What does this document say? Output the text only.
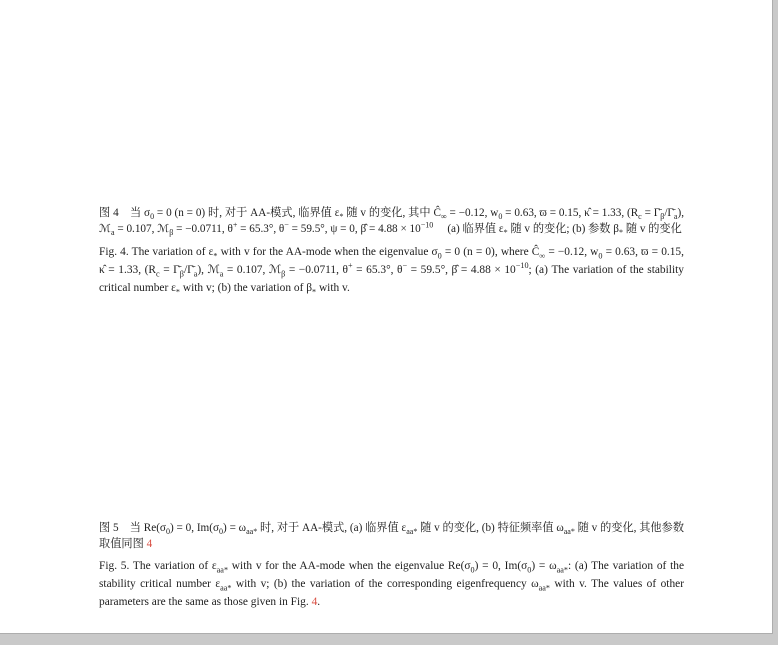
图 4　当 $\sigma_0 = 0$ (n = 0) 时, 对于 AA-模式, 临界值 $\varepsilon_*$ 随 v 的变化, 其中 $Ĉ_\infty = -0.12$, $w_0 = 0.63$, ϖ = 0.15, κ̂ = 1.33, ($R_c$ = $\Gammā_\beta/\Gammā_a$), ℳ$_a$ = 0.107, ℳ$_\beta$ = −0.0711, θ+ = 65.3°, θ− = 59.5°, ψ = 0, β̂ = $4.88 \times 10^{-10}$　 (a) 临界值 $\varepsilon_*$ 随 v 的变化; (b) 参数 $\beta_*$ 随 v 的变化

Fig. 4. The variation of $\varepsilon_*$ with v for the AA-mode when the eigenvalue $\sigma_0 = 0$ (n = 0), where $Ĉ_\infty = -0.12$, $w_0 = 0.63$, ϖ = 0.15, κ̂ = 1.33, ($R_c$ = $\Gammā_\beta/\Gammā_a$), ℳ$_a$ = 0.107, ℳ$_\beta$ = −0.0711, θ+ = 65.3°, θ− = 59.5°, β̂ = $4.88 \times 10^{-10}$; (a) The variation of the stability critical number $\varepsilon_*$ with v; (b) the variation of $\beta_*$ with v.

图 5　当 $Re(\sigma_0) = 0$, $Im(\sigma_0) = \omega_{aa*}$ 时, 对于 AA-模式, (a) 临界值 $\varepsilon_{aa*}$ 随 v 的变化, (b) 特征频率值 $\omega_{aa*}$ 随 v 的变化, 其他参数取值同图 4

Fig. 5. The variation of $\varepsilon_{aa*}$ with v for the AA-mode when the eigenvalue $Re(\sigma_0) = 0$, $Im(\sigma_0) = \omega_{aa*}$: (a) The variation of the stability critical number $\varepsilon_{aa*}$ with v; (b) the variation of the corresponding eigenfrequency $\omega_{aa*}$ with v. The values of other parameters are the same as those given in Fig. 4.
